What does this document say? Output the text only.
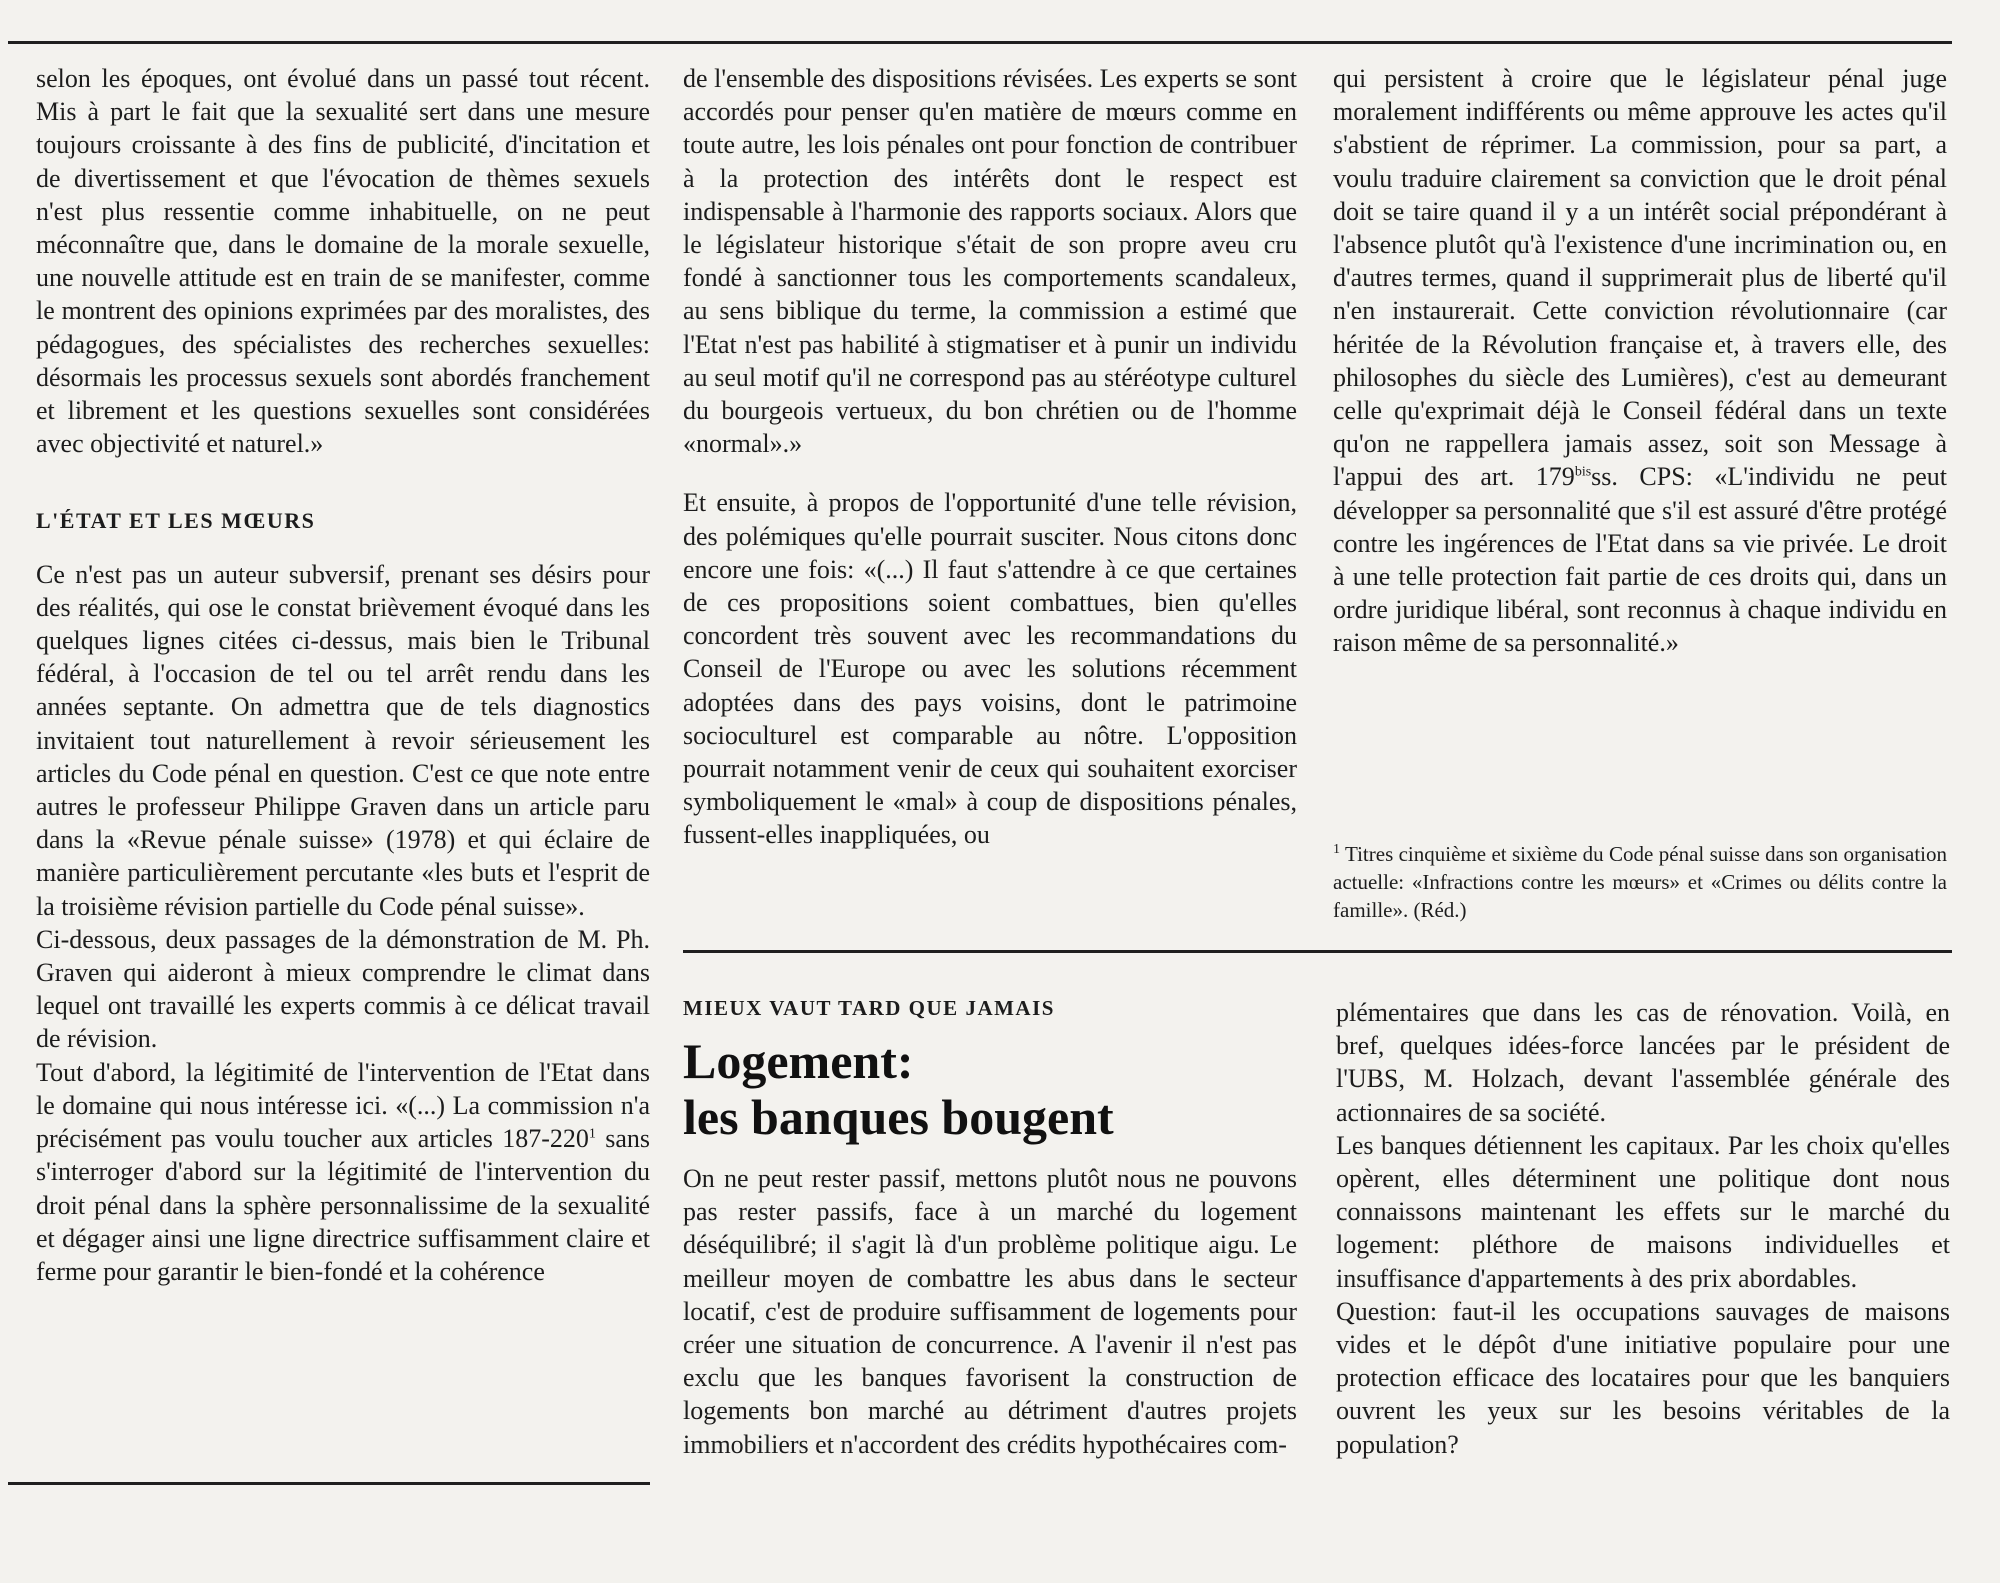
selon les époques, ont évolué dans un passé tout récent. Mis à part le fait que la sexualité sert dans une mesure toujours croissante à des fins de publicité, d'incitation et de divertissement et que l'évocation de thèmes sexuels n'est plus ressentie comme inhabituelle, on ne peut méconnaître que, dans le domaine de la morale sexuelle, une nouvelle attitude est en train de se manifester, comme le montrent des opinions exprimées par des moralistes, des pédagogues, des spécialistes des recherches sexuelles: désormais les processus sexuels sont abordés franchement et librement et les questions sexuelles sont considérées avec objectivité et naturel.»

L'ÉTAT ET LES MŒURS

Ce n'est pas un auteur subversif, prenant ses désirs pour des réalités, qui ose le constat brièvement évoqué dans les quelques lignes citées ci-dessus, mais bien le Tribunal fédéral, à l'occasion de tel ou tel arrêt rendu dans les années septante. On admettra que de tels diagnostics invitaient tout naturellement à revoir sérieusement les articles du Code pénal en question. C'est ce que note entre autres le professeur Philippe Graven dans un article paru dans la «Revue pénale suisse» (1978) et qui éclaire de manière particulièrement percutante «les buts et l'esprit de la troisième révision partielle du Code pénal suisse».

Ci-dessous, deux passages de la démonstration de M. Ph. Graven qui aideront à mieux comprendre le climat dans lequel ont travaillé les experts commis à ce délicat travail de révision.

Tout d'abord, la légitimité de l'intervention de l'Etat dans le domaine qui nous intéresse ici. «(...) La commission n'a précisément pas voulu toucher aux articles $187-220^1$ sans s'interroger d'abord sur la légitimité de l'intervention du droit pénal dans la sphère personnalissime de la sexualité et dégager ainsi une ligne directrice suffisamment claire et ferme pour garantir le bien-fondé et la cohérence

de l'ensemble des dispositions révisées. Les experts se sont accordés pour penser qu'en matière de mœurs comme en toute autre, les lois pénales ont pour fonction de contribuer à la protection des intérêts dont le respect est indispensable à l'harmonie des rapports sociaux. Alors que le législateur historique s'était de son propre aveu cru fondé à sanctionner tous les comportements scandaleux, au sens biblique du terme, la commission a estimé que l'Etat n'est pas habilité à stigmatiser et à punir un individu au seul motif qu'il ne correspond pas au stéréotype culturel du bourgeois vertueux, du bon chrétien ou de l'homme «normal».»

Et ensuite, à propos de l'opportunité d'une telle révision, des polémiques qu'elle pourrait susciter. Nous citons donc encore une fois: «(...) Il faut s'attendre à ce que certaines de ces propositions soient combattues, bien qu'elles concordent très souvent avec les recommandations du Conseil de l'Europe ou avec les solutions récemment adoptées dans des pays voisins, dont le patrimoine socioculturel est comparable au nôtre. L'opposition pourrait notamment venir de ceux qui souhaitent exorciser symboliquement le «mal» à coup de dispositions pénales, fussent-elles inappliquées, ou

qui persistent à croire que le législateur pénal juge moralement indifférents ou même approuve les actes qu'il s'abstient de réprimer. La commission, pour sa part, a voulu traduire clairement sa conviction que le droit pénal doit se taire quand il y a un intérêt social prépondérant à l'absence plutôt qu'à l'existence d'une incrimination ou, en d'autres termes, quand il supprimerait plus de liberté qu'il n'en instaurerait. Cette conviction révolutionnaire (car héritée de la Révolution française et, à travers elle, des philosophes du siècle des Lumières), c'est au demeurant celle qu'exprimait déjà le Conseil fédéral dans un texte qu'on ne rappellera jamais assez, soit son Message à l'appui des art. $179^{bis}ss$. CPS: «L'individu ne peut développer sa personnalité que s'il est assuré d'être protégé contre les ingérences de l'Etat dans sa vie privée. Le droit à une telle protection fait partie de ces droits qui, dans un ordre juridique libéral, sont reconnus à chaque individu en raison même de sa personnalité.»

$^1$ Titres cinquième et sixième du Code pénal suisse dans son organisation actuelle: «Infractions contre les mœurs» et «Crimes ou délits contre la famille». (Réd.)
MIEUX VAUT TARD QUE JAMAIS
Logement:
les banques bougent

On ne peut rester passif, mettons plutôt nous ne pouvons pas rester passifs, face à un marché du logement déséquilibré; il s'agit là d'un problème politique aigu. Le meilleur moyen de combattre les abus dans le secteur locatif, c'est de produire suffisamment de logements pour créer une situation de concurrence. A l'avenir il n'est pas exclu que les banques favorisent la construction de logements bon marché au détriment d'autres projets immobiliers et n'accordent des crédits hypothécaires com-

plémentaires que dans les cas de rénovation. Voilà, en bref, quelques idées-force lancées par le président de l'UBS, M. Holzach, devant l'assemblée générale des actionnaires de sa société.

Les banques détiennent les capitaux. Par les choix qu'elles opèrent, elles déterminent une politique dont nous connaissons maintenant les effets sur le marché du logement: pléthore de maisons individuelles et insuffisance d'appartements à des prix abordables.

Question: faut-il les occupations sauvages de maisons vides et le dépôt d'une initiative populaire pour une protection efficace des locataires pour que les banquiers ouvrent les yeux sur les besoins véritables de la population?
